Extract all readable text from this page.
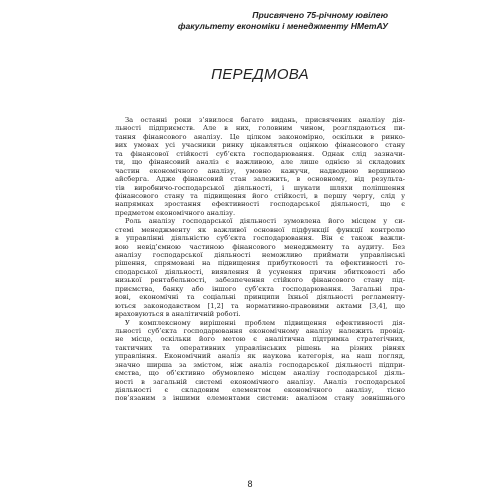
Присвячено 75-річному ювілею
факультету економіки і менеджменту НМетАУ
ПЕРЕДМОВА
За останні роки з’явилося багато видань, присвячених аналізу дія-
льності підприємств. Але в них, головним чином, розглядаються пи-
тання фінансового аналізу. Це цілком закономірно, оскільки в ринко-
вих умовах усі учасники ринку цікавляться оцінкою фінансового стану
та фінансової стійкості суб’єкта господарювання. Однак слід зазначи-
ти, що фінансовий аналіз є важливою, але лише однією зі складових
частин економічного аналізу, умовно кажучи, надводною вершиною
айсберга. Адже фінансовий стан залежить, в основному, від результа-
тів виробничо-господарської діяльності, і шукати шляхи поліпшення
фінансового стану та підвищення його стійкості, в першу чергу, слід у
напрямках зростання ефективності господарської діяльності, що є
предметом економічного аналізу.
Роль аналізу господарської діяльності зумовлена його місцем у си-
стемі менеджменту як важливої основної підфункції функції контролю
в управлінні діяльністю суб’єкта господарювання. Він є також важли-
вою невід’ємною частиною фінансового менеджменту та аудиту. Без
аналізу господарської діяльності неможливо приймати управлінські
рішення, спрямовані на підвищення прибутковості та ефективності го-
сподарської діяльності, виявлення й усунення причин збитковості або
низької рентабельності, забезпечення стійкого фінансового стану під-
приємства, банку або іншого суб’єкта господарювання. Загальні пра-
вові, економічні та соціальні принципи їхньої діяльності регламенту-
ються законодавством [1,2] та нормативно-правовими актами [3,4], що
враховуються в аналітичній роботі.
У комплексному вирішенні проблем підвищення ефективності дія-
льності суб’єкта господарювання економічному аналізу належить провід-
не місце, оскільки його метою є аналітична підтримка стратегічних,
тактичних та оперативних управлінських рішень на різних рівнях
управління. Економічний аналіз як наукова категорія, на наш погляд,
значно ширша за змістом, ніж аналіз господарської діяльності підпри-
ємства, що об’єктивно обумовлено місцем аналізу господарської діяль-
ності в загальній системі економічного аналізу. Аналіз господарської
діяльності є складовим елементом економічного аналізу, тісно
пов’язаним з іншими елементами системи: аналізом стану зовнішнього
8
